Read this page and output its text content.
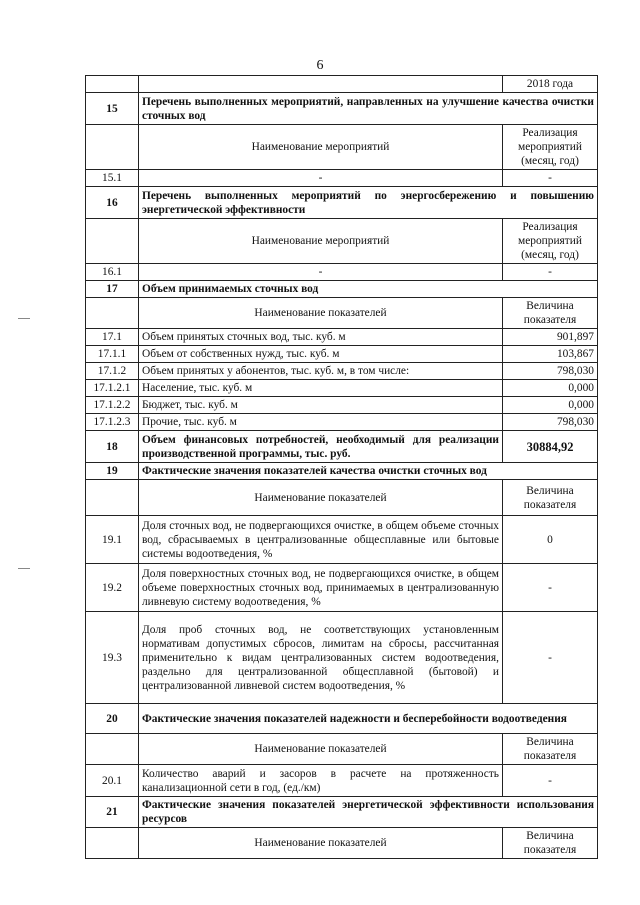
6
		2018 года
15	Перечень выполненных мероприятий, направленных на улучшение качества очистки сточных вод	
	Наименование мероприятий	Реализация мероприятий (месяц, год)
15.1	-	-
16	Перечень выполненных мероприятий по энергосбережению и повышению энергетической эффективности	
	Наименование мероприятий	Реализация мероприятий (месяц, год)
16.1	-	-
17	Объем принимаемых сточных вод	
	Наименование показателей	Величина показателя
17.1	Объем принятых сточных вод, тыс. куб. м	901,897
17.1.1	Объем от собственных нужд, тыс. куб. м	103,867
17.1.2	Объем принятых у абонентов, тыс. куб. м, в том числе:	798,030
17.1.2.1	Население, тыс. куб. м	0,000
17.1.2.2	Бюджет, тыс. куб. м	0,000
17.1.2.3	Прочие, тыс. куб. м	798,030
18	Объем финансовых потребностей, необходимый для реализации производственной программы, тыс. руб.	30884,92
19	Фактические значения показателей качества очистки сточных вод	
	Наименование показателей	Величина показателя
19.1	Доля сточных вод, не подвергающихся очистке, в общем объеме сточных вод, сбрасываемых в централизованные общесплавные или бытовые системы водоотведения, %	0
19.2	Доля поверхностных сточных вод, не подвергающихся очистке, в общем объеме поверхностных сточных вод, принимаемых в централизованную ливневую систему водоотведения, %	-
19.3	Доля проб сточных вод, не соответствующих установленным нормативам допустимых сбросов, лимитам на сбросы, рассчитанная применительно к видам централизованных систем водоотведения, раздельно для централизованной общесплавной (бытовой) и централизованной ливневой систем водоотведения, %	-
20	Фактические значения показателей надежности и бесперебойности водоотведения	
	Наименование показателей	Величина показателя
20.1	Количество аварий и засоров в расчете на протяженность канализационной сети в год, (ед./км)	-
21	Фактические значения показателей энергетической эффективности использования ресурсов	
	Наименование показателей	Величина показателя
